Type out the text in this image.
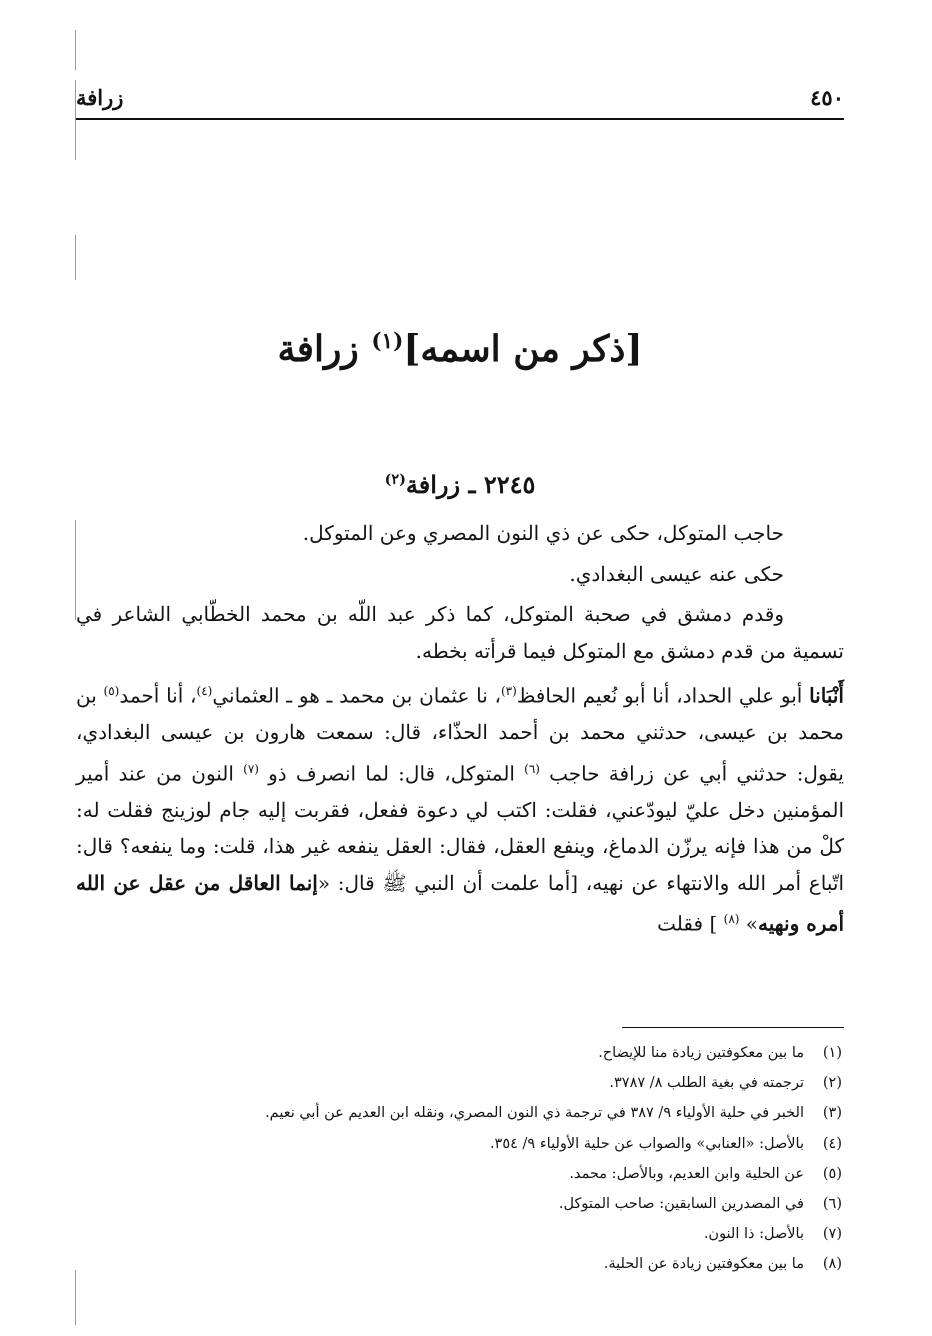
٤٥٠
زرافة
[ذكر من اسمه]$^{(١)}$ زرافة
٢٢٤٥ ـ زرافة$^{(٢)}$

حاجب المتوكل، حكى عن ذي النون المصري وعن المتوكل.

حكى عنه عيسى البغدادي.

وقدم دمشق في صحبة المتوكل، كما ذكر عبد اللّه بن محمد الخطّابي الشاعر في تسمية من قدم دمشق مع المتوكل فيما قرأته بخطه.

أَنْبَانا أبو علي الحداد، أنا أبو نُعيم الحافظ$^{(٣)}$، نا عثمان بن محمد ـ هو ـ العثماني$^{(٤)}$، أنا أحمد$^{(٥)}$ بن محمد بن عيسى، حدثني محمد بن أحمد الحذّاء، قال: سمعت هارون بن عيسى البغدادي، يقول: حدثني أبي عن زرافة حاجب $^{(٦)}$ المتوكل، قال: لما انصرف ذو $^{(٧)}$ النون من عند أمير المؤمنين دخل عليّ ليودّعني، فقلت: اكتب لي دعوة ففعل، فقربت إليه جام لوزينج فقلت له: كلْ من هذا فإنه يرزّن الدماغ، وينفع العقل، فقال: العقل ينفعه غير هذا، قلت: وما ينفعه؟ قال: اتّباع أمر الله والانتهاء عن نهيه، [أما علمت أن النبي ﷺ قال: «إنما العاقل من عقل عن الله أمره ونهيه» $^{(٨)}$ ] فقلت

(١)ما بين معكوفتين زيادة منا للإيضاح.
(٢)ترجمته في بغية الطلب ٨/ ٣٧٨٧.
(٣)الخبر في حلية الأولياء ٩/ ٣٨٧ في ترجمة ذي النون المصري، ونقله ابن العديم عن أبي نعيم.
(٤)بالأصل: «العنابي» والصواب عن حلية الأولياء ٩/ ٣٥٤.
(٥)عن الحلية وابن العديم، وبالأصل: محمد.
(٦)في المصدرين السابقين: صاحب المتوكل.
(٧)بالأصل: ذا النون.
(٨)ما بين معكوفتين زيادة عن الحلية.
